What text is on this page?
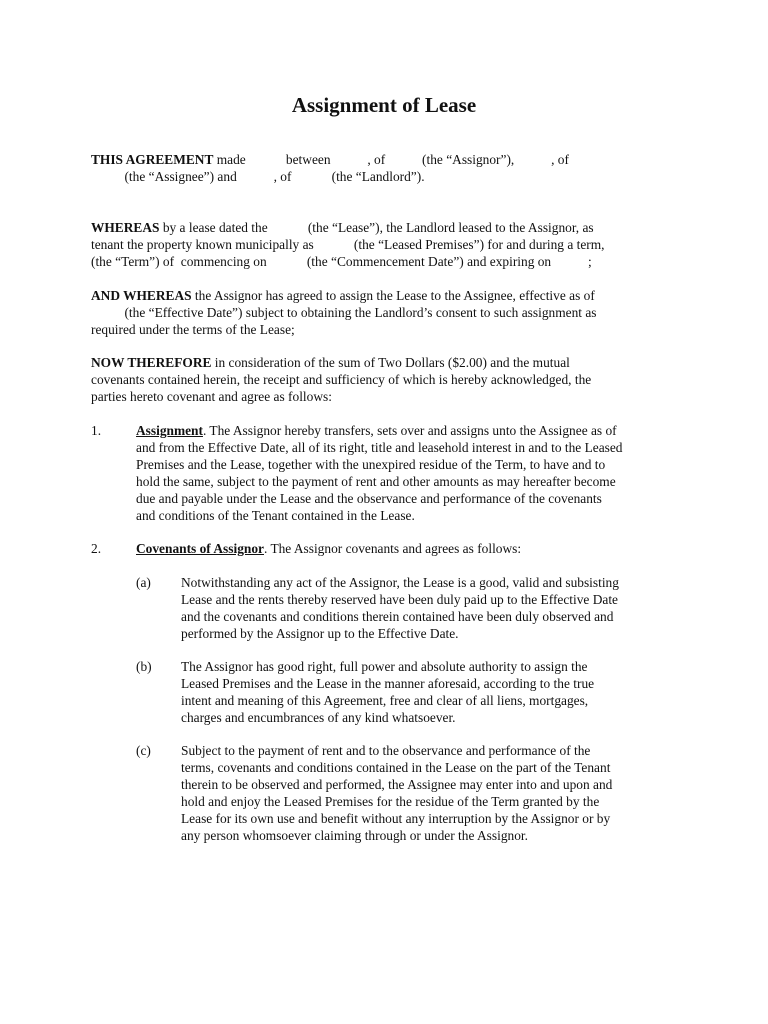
Assignment of Lease
THIS AGREEMENT made            between           , of           (the “Assignor”),           , of
(the “Assignee”) and           , of            (the “Landlord”).
WHEREAS by a lease dated the            (the “Lease”), the Landlord leased to the Assignor, as
tenant the property known municipally as            (the “Leased Premises”) for and during a term,
(the “Term”) of  commencing on            (the “Commencement Date”) and expiring on           ;
AND WHEREAS the Assignor has agreed to assign the Lease to the Assignee, effective as of
(the “Effective Date”) subject to obtaining the Landlord’s consent to such assignment as
required under the terms of the Lease;
NOW THEREFORE in consideration of the sum of Two Dollars ($2.00) and the mutual
covenants contained herein, the receipt and sufficiency of which is hereby acknowledged, the
parties hereto covenant and agree as follows:
1.	Assignment. The Assignor hereby transfers, sets over and assigns unto the Assignee as of
and from the Effective Date, all of its right, title and leasehold interest in and to the Leased
Premises and the Lease, together with the unexpired residue of the Term, to have and to
hold the same, subject to the payment of rent and other amounts as may hereafter become
due and payable under the Lease and the observance and performance of the covenants
and conditions of the Tenant contained in the Lease.
2.	Covenants of Assignor. The Assignor covenants and agrees as follows:
(a) Notwithstanding any act of the Assignor, the Lease is a good, valid and subsisting
Lease and the rents thereby reserved have been duly paid up to the Effective Date
and the covenants and conditions therein contained have been duly observed and
performed by the Assignor up to the Effective Date.
(b) The Assignor has good right, full power and absolute authority to assign the
Leased Premises and the Lease in the manner aforesaid, according to the true
intent and meaning of this Agreement, free and clear of all liens, mortgages,
charges and encumbrances of any kind whatsoever.
(c) Subject to the payment of rent and to the observance and performance of the
terms, covenants and conditions contained in the Lease on the part of the Tenant
therein to be observed and performed, the Assignee may enter into and upon and
hold and enjoy the Leased Premises for the residue of the Term granted by the
Lease for its own use and benefit without any interruption by the Assignor or by
any person whomsoever claiming through or under the Assignor.
